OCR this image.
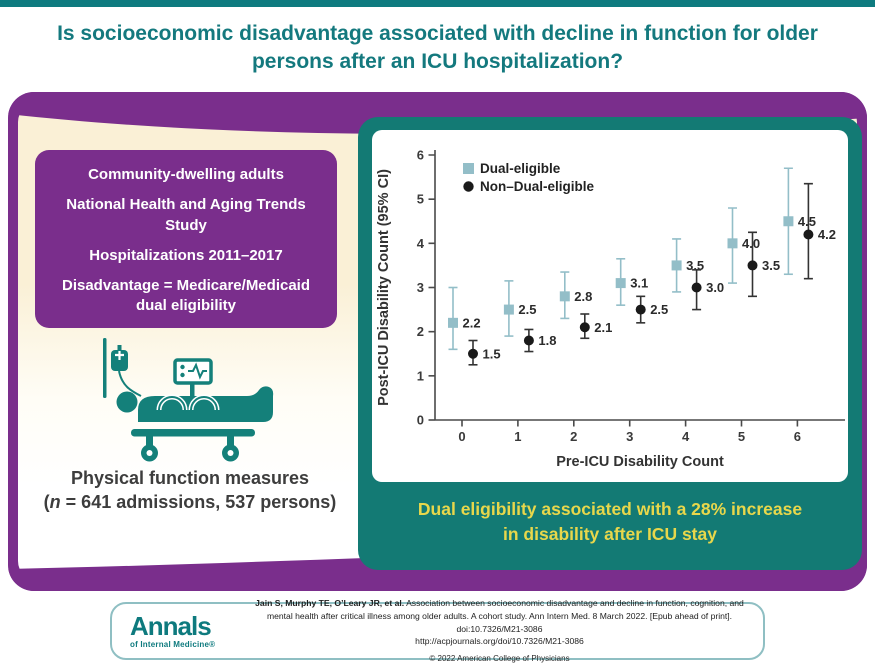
Is socioeconomic disadvantage associated with decline in function for older
persons after an ICU hospitalization?

Community-dwelling adults

National Health and Aging Trends Study

Hospitalizations 2011–2017

Disadvantage = Medicare/Medicaid dual eligibility

Physical function measures
(n = 641 admissions, 537 persons)
0
1
2
3
4
5
6
0	1	2	3	4	5	6
Pre-ICU Disability Count
Post-ICU Disability Count (95% CI)	2.2
2.5
2.8
3.1
3.5
4.0
4.5
1.5
1.8
2.1
2.5
3.0
3.5
4.2
Dual-eligible
Non–Dual-eligible
Dual eligibility associated with a 28% increase
in disability after ICU stay
Annals
of Internal Medicine®
Jain S, Murphy TE, O’Leary JR, et al. Association between socioeconomic disadvantage and decline in function, cognition, and mental health after critical illness among older adults. A cohort study. Ann Intern Med. 8 March 2022. [Epub ahead of print]. doi:10.7326/M21-3086
http://acpjournals.org/doi/10.7326/M21-3086
© 2022 American College of Physicians
